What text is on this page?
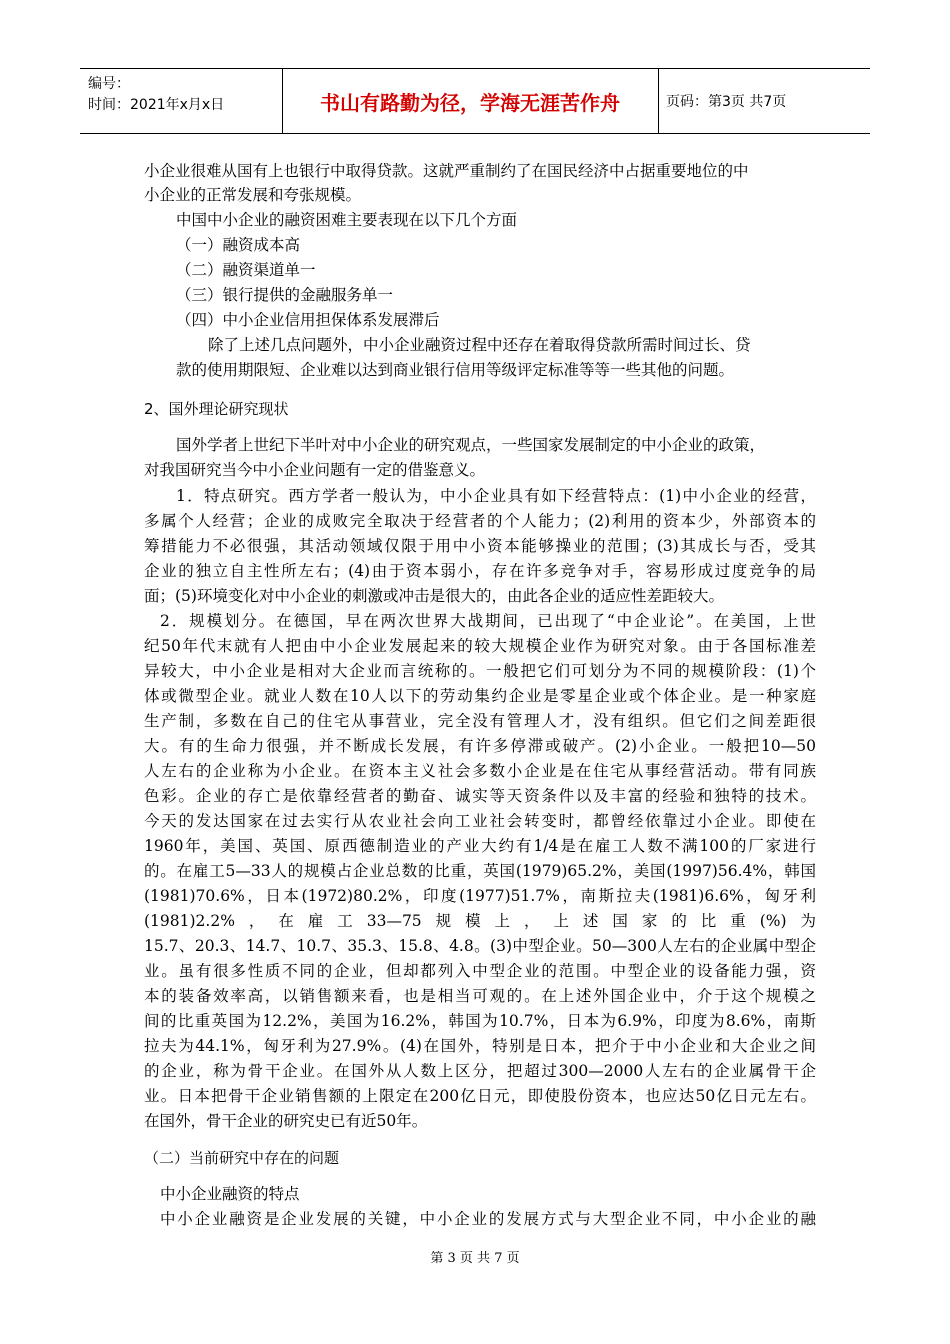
编号：
时间：2021年x月x日	书山有路勤为径，学海无涯苦作舟	页码：第3页 共7页
小企业很难从国有上也银行中取得贷款。这就严重制约了在国民经济中占据重要地位的中
小企业的正常发展和夸张规模。
中国中小企业的融资困难主要表现在以下几个方面
（一）融资成本高
（二）融资渠道单一
（三）银行提供的金融服务单一
（四）中小企业信用担保体系发展滞后
除了上述几点问题外，中小企业融资过程中还存在着取得贷款所需时间过长、贷
款的使用期限短、企业难以达到商业银行信用等级评定标准等等一些其他的问题。
2、国外理论研究现状
国外学者上世纪下半叶对中小企业的研究观点，一些国家发展制定的中小企业的政策，
对我国研究当今中小企业问题有一定的借鉴意义。
1．特点研究。西方学者一般认为，中小企业具有如下经营特点：(1)中小企业的经营，
多属个人经营；企业的成败完全取决于经营者的个人能力；(2)利用的资本少，外部资本的
筹措能力不必很强，其活动领域仅限于用中小资本能够操业的范围；(3)其成长与否，受其
企业的独立自主性所左右；(4)由于资本弱小，存在许多竞争对手，容易形成过度竞争的局
面；(5)环境变化对中小企业的刺激或冲击是很大的，由此各企业的适应性差距较大。
2．规模划分。在德国，早在两次世界大战期间，已出现了“中企业论”。在美国，上世
纪50年代末就有人把由中小企业发展起来的较大规模企业作为研究对象。由于各国标准差
异较大，中小企业是相对大企业而言统称的。一般把它们可划分为不同的规模阶段：(1)个
体或微型企业。就业人数在10人以下的劳动集约企业是零星企业或个体企业。是一种家庭
生产制，多数在自己的住宅从事营业，完全没有管理人才，没有组织。但它们之间差距很
大。有的生命力很强，并不断成长发展，有许多停滞或破产。(2)小企业。一般把10—50
人左右的企业称为小企业。在资本主义社会多数小企业是在住宅从事经营活动。带有同族
色彩。企业的存亡是依靠经营者的勤奋、诚实等天资条件以及丰富的经验和独特的技术。
今天的发达国家在过去实行从农业社会向工业社会转变时，都曾经依靠过小企业。即使在
1960年，美国、英国、原西德制造业的产业大约有1/4是在雇工人数不满100的厂家进行
的。在雇工5—33人的规模占企业总数的比重，英国(1979)65.2%，美国(1997)56.4%，韩国
(1981)70.6%，日本(1972)80.2%，印度(1977)51.7%，南斯拉夫(1981)6.6%，匈牙利
(1981)2.2%，在雇工33—75规模上，上述国家的比重(%)为
15.7、20.3、14.7、10.7、35.3、15.8、4.8。(3)中型企业。50—300人左右的企业属中型企
业。虽有很多性质不同的企业，但却都列入中型企业的范围。中型企业的设备能力强，资
本的装备效率高，以销售额来看，也是相当可观的。在上述外国企业中，介于这个规模之
间的比重英国为12.2%，美国为16.2%，韩国为10.7%，日本为6.9%，印度为8.6%，南斯
拉夫为44.1%，匈牙利为27.9%。(4)在国外，特别是日本，把介于中小企业和大企业之间
的企业，称为骨干企业。在国外从人数上区分，把超过300—2000人左右的企业属骨干企
业。日本把骨干企业销售额的上限定在200亿日元，即使股份资本，也应达50亿日元左右。
在国外，骨干企业的研究史已有近50年。
（二）当前研究中存在的问题
中小企业融资的特点
中小企业融资是企业发展的关键，中小企业的发展方式与大型企业不同，中小企业的融
第 3 页 共 7 页
